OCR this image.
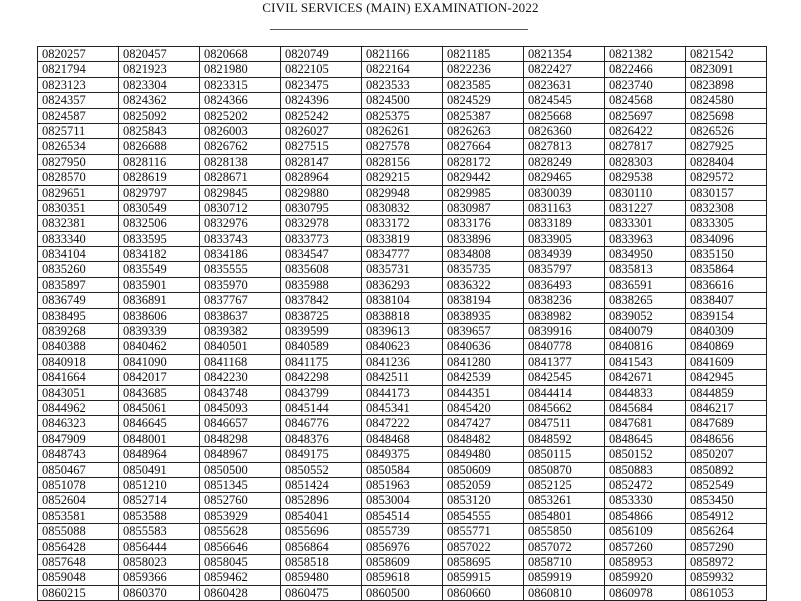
CIVIL SERVICES (MAIN) EXAMINATION-2022
0820257	0820457	0820668	0820749	0821166	0821185	0821354	0821382	0821542
0821794	0821923	0821980	0822105	0822164	0822236	0822427	0822466	0823091
0823123	0823304	0823315	0823475	0823533	0823585	0823631	0823740	0823898
0824357	0824362	0824366	0824396	0824500	0824529	0824545	0824568	0824580
0824587	0825092	0825202	0825242	0825375	0825387	0825668	0825697	0825698
0825711	0825843	0826003	0826027	0826261	0826263	0826360	0826422	0826526
0826534	0826688	0826762	0827515	0827578	0827664	0827813	0827817	0827925
0827950	0828116	0828138	0828147	0828156	0828172	0828249	0828303	0828404
0828570	0828619	0828671	0828964	0829215	0829442	0829465	0829538	0829572
0829651	0829797	0829845	0829880	0829948	0829985	0830039	0830110	0830157
0830351	0830549	0830712	0830795	0830832	0830987	0831163	0831227	0832308
0832381	0832506	0832976	0832978	0833172	0833176	0833189	0833301	0833305
0833340	0833595	0833743	0833773	0833819	0833896	0833905	0833963	0834096
0834104	0834182	0834186	0834547	0834777	0834808	0834939	0834950	0835150
0835260	0835549	0835555	0835608	0835731	0835735	0835797	0835813	0835864
0835897	0835901	0835970	0835988	0836293	0836322	0836493	0836591	0836616
0836749	0836891	0837767	0837842	0838104	0838194	0838236	0838265	0838407
0838495	0838606	0838637	0838725	0838818	0838935	0838982	0839052	0839154
0839268	0839339	0839382	0839599	0839613	0839657	0839916	0840079	0840309
0840388	0840462	0840501	0840589	0840623	0840636	0840778	0840816	0840869
0840918	0841090	0841168	0841175	0841236	0841280	0841377	0841543	0841609
0841664	0842017	0842230	0842298	0842511	0842539	0842545	0842671	0842945
0843051	0843685	0843748	0843799	0844173	0844351	0844414	0844833	0844859
0844962	0845061	0845093	0845144	0845341	0845420	0845662	0845684	0846217
0846323	0846645	0846657	0846776	0847222	0847427	0847511	0847681	0847689
0847909	0848001	0848298	0848376	0848468	0848482	0848592	0848645	0848656
0848743	0848964	0848967	0849175	0849375	0849480	0850115	0850152	0850207
0850467	0850491	0850500	0850552	0850584	0850609	0850870	0850883	0850892
0851078	0851210	0851345	0851424	0851963	0852059	0852125	0852472	0852549
0852604	0852714	0852760	0852896	0853004	0853120	0853261	0853330	0853450
0853581	0853588	0853929	0854041	0854514	0854555	0854801	0854866	0854912
0855088	0855583	0855628	0855696	0855739	0855771	0855850	0856109	0856264
0856428	0856444	0856646	0856864	0856976	0857022	0857072	0857260	0857290
0857648	0858023	0858045	0858518	0858609	0858695	0858710	0858953	0858972
0859048	0859366	0859462	0859480	0859618	0859915	0859919	0859920	0859932
0860215	0860370	0860428	0860475	0860500	0860660	0860810	0860978	0861053
